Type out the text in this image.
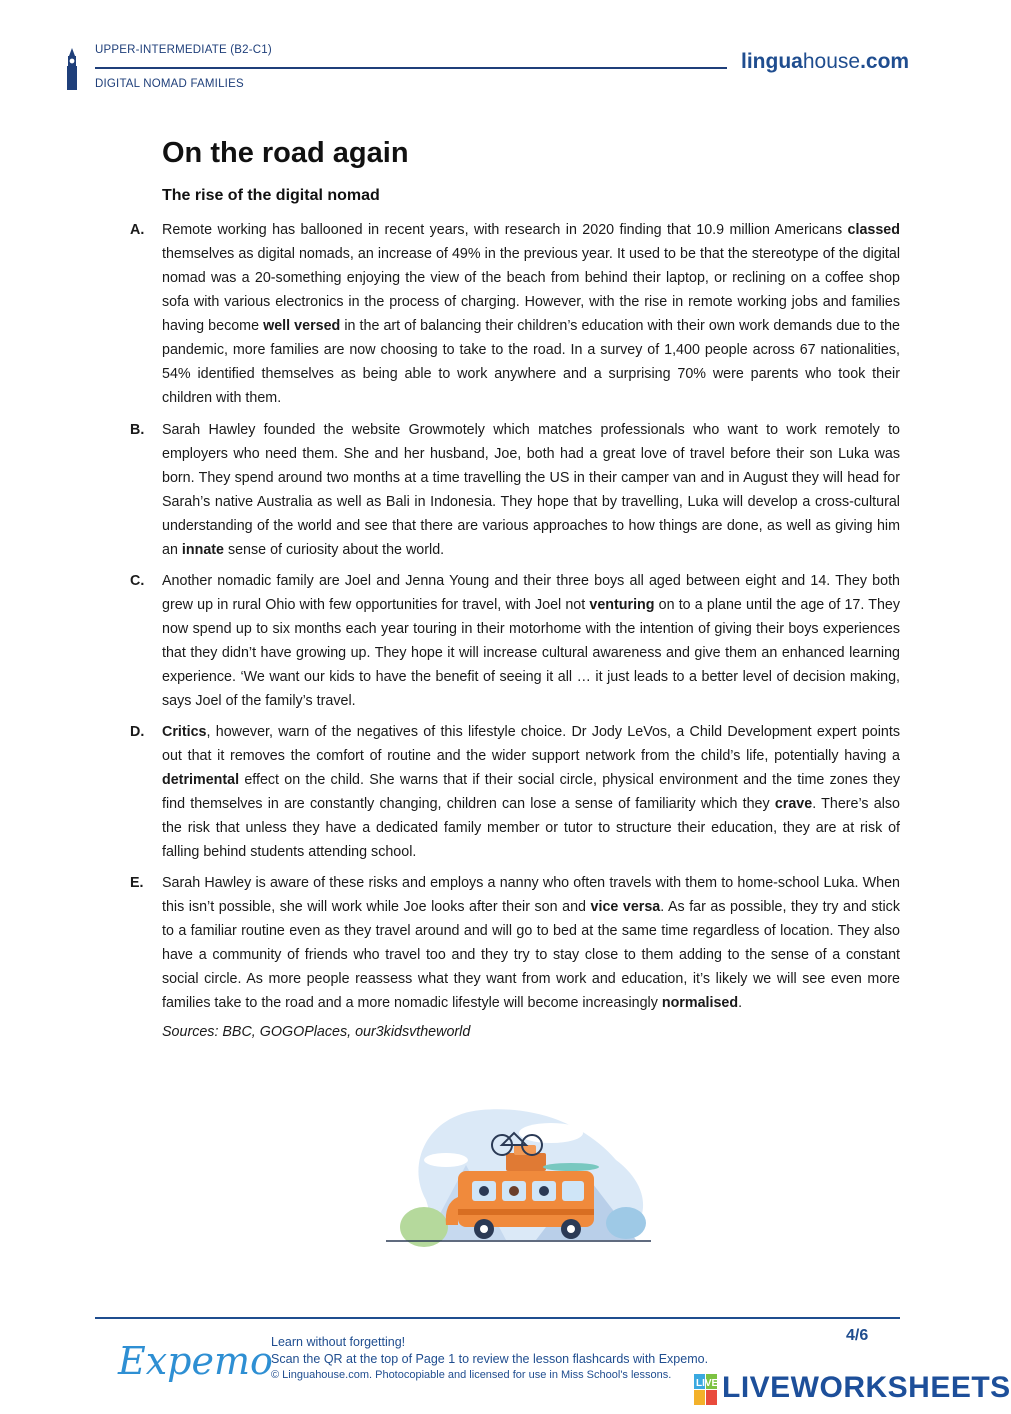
UPPER-INTERMEDIATE (B2-C1)
DIGITAL NOMAD FAMILIES
linguahouse.com
On the road again
The rise of the digital nomad
A.	Remote working has ballooned in recent years, with research in 2020 finding that 10.9 million Americans classed themselves as digital nomads, an increase of 49% in the previous year. It used to be that the stereotype of the digital nomad was a 20-something enjoying the view of the beach from behind their laptop, or reclining on a coffee shop sofa with various electronics in the process of charging. However, with the rise in remote working jobs and families having become well versed in the art of balancing their children’s education with their own work demands due to the pandemic, more families are now choosing to take to the road. In a survey of 1,400 people across 67 nationalities, 54% identified themselves as being able to work anywhere and a surprising 70% were parents who took their children with them.
B.	Sarah Hawley founded the website Growmotely which matches professionals who want to work remotely to employers who need them. She and her husband, Joe, both had a great love of travel before their son Luka was born. They spend around two months at a time travelling the US in their camper van and in August they will head for Sarah’s native Australia as well as Bali in Indonesia. They hope that by travelling, Luka will develop a cross-cultural understanding of the world and see that there are various approaches to how things are done, as well as giving him an innate sense of curiosity about the world.
C.	Another nomadic family are Joel and Jenna Young and their three boys all aged between eight and 14. They both grew up in rural Ohio with few opportunities for travel, with Joel not venturing on to a plane until the age of 17. They now spend up to six months each year touring in their motorhome with the intention of giving their boys experiences that they didn’t have growing up. They hope it will increase cultural awareness and give them an enhanced learning experience. ‘We want our kids to have the benefit of seeing it all … it just leads to a better level of decision making, says Joel of the family’s travel.
D.	Critics, however, warn of the negatives of this lifestyle choice. Dr Jody LeVos, a Child Development expert points out that it removes the comfort of routine and the wider support network from the child’s life, potentially having a detrimental effect on the child. She warns that if their social circle, physical environment and the time zones they find themselves in are constantly changing, children can lose a sense of familiarity which they crave. There’s also the risk that unless they have a dedicated family member or tutor to structure their education, they are at risk of falling behind students attending school.
E.	Sarah Hawley is aware of these risks and employs a nanny who often travels with them to home-school Luka. When this isn’t possible, she will work while Joe looks after their son and vice versa. As far as possible, they try and stick to a familiar routine even as they travel around and will go to bed at the same time regardless of location. They also have a community of friends who travel too and they try to stay close to them adding to the sense of a constant social circle. As more people reassess what they want from work and education, it’s likely we will see even more families take to the road and a more nomadic lifestyle will become increasingly normalised.
Sources: BBC, GOGOPlaces, our3kidsvtheworld
Expemo
Learn without forgetting!
Scan the QR at the top of Page 1 to review the lesson flashcards with Expemo.
© Linguahouse.com. Photocopiable and licensed for use in Miss School's lessons.
4/6
LIVE LIVEWORKSHEETS
